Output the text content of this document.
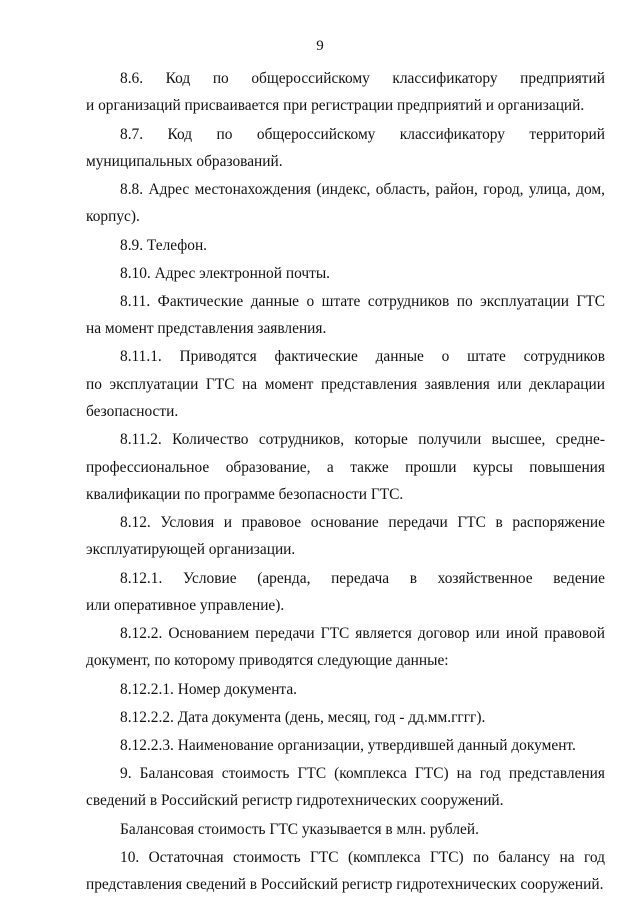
9
8.6. Код по общероссийскому классификатору предприятий
и организаций присваивается при регистрации предприятий и организаций.
8.7. Код по общероссийскому классификатору территорий
муниципальных образований.
8.8. Адрес местонахождения (индекс, область, район, город, улица, дом,
корпус).
8.9. Телефон.
8.10. Адрес электронной почты.
8.11. Фактические данные о штате сотрудников по эксплуатации ГТС
на момент представления заявления.
8.11.1. Приводятся фактические данные о штате сотрудников
по эксплуатации ГТС на момент представления заявления или декларации
безопасности.
8.11.2. Количество сотрудников, которые получили высшее, средне-
профессиональное образование, а также прошли курсы повышения
квалификации по программе безопасности ГТС.
8.12. Условия и правовое основание передачи ГТС в распоряжение
эксплуатирующей организации.
8.12.1. Условие (аренда, передача в хозяйственное ведение
или оперативное управление).
8.12.2. Основанием передачи ГТС является договор или иной правовой
документ, по которому приводятся следующие данные:
8.12.2.1. Номер документа.
8.12.2.2. Дата документа (день, месяц, год - дд.мм.гггг).
8.12.2.3. Наименование организации, утвердившей данный документ.
9. Балансовая стоимость ГТС (комплекса ГТС) на год представления
сведений в Российский регистр гидротехнических сооружений.
Балансовая стоимость ГТС указывается в млн. рублей.
10. Остаточная стоимость ГТС (комплекса ГТС) по балансу на год
представления сведений в Российский регистр гидротехнических сооружений.
